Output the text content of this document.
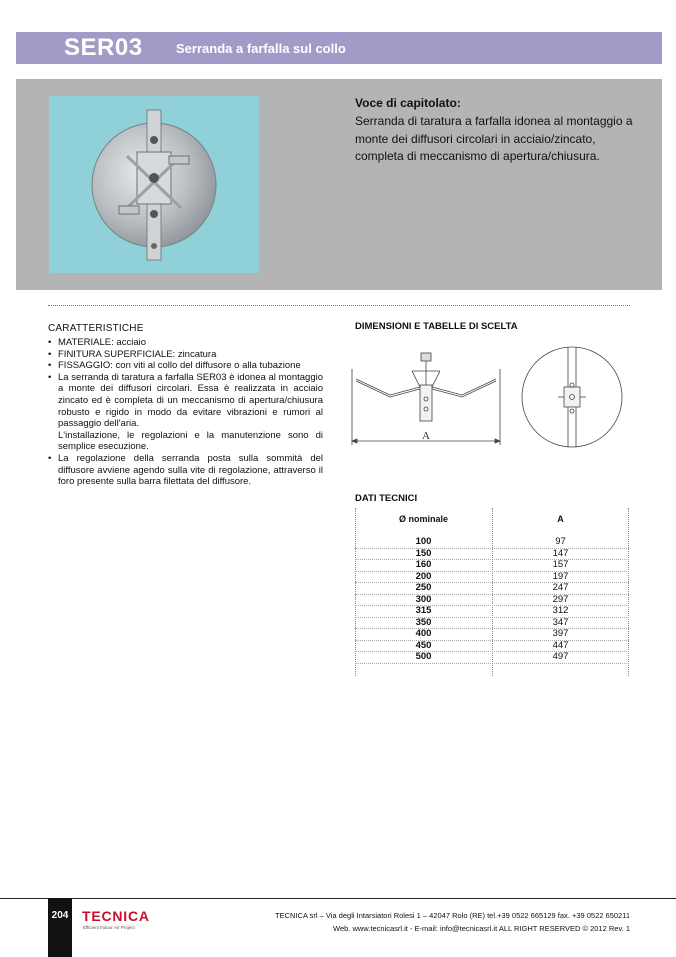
SER03	Serranda a farfalla sul collo
Voce di capitolato:
Serranda di taratura a farfalla idonea al montaggio a monte dei diffusori circolari in acciaio/zincato, completa di meccanismo di apertura/chiusura.
CARATTERISTICHE
• MATERIALE: acciaio
• FINITURA SUPERFICIALE: zincatura
• FISSAGGIO: con viti al collo del diffusore o alla tubazione
• La serranda di taratura a farfalla SER03 è idonea al montaggio a monte dei diffusori circolari. Essa è realizzata in acciaio zincato ed è completa di un meccanismo di apertura/chiusura robusto e rigido in modo da evitare vibrazioni e rumori al passaggio dell'aria.
L'installazione, le regolazioni e la manutenzione sono di semplice esecuzione.
• La regolazione della serranda posta sulla sommità del diffusore avviene agendo sulla vite di regolazione, attraverso il foro presente sulla barra filettata del diffusore.
DIMENSIONI E TABELLE DI SCELTA
A
DATI TECNICI
Ø nominale	A
100	97
150	147
160	157
200	197
250	247
300	297
315	312
350	347
400	397
450	447
500	497
204 TECNICA
Efficient Indoor Air Project
TECNICA srl – Via degli Intarsiatori Rolesi 1 – 42047 Rolo (RE) tel.+39 0522 665129 fax. +39 0522 650211
Web. www.tecnicasrl.it - E-mail: info@tecnicasrl.it ALL RIGHT RESERVED © 2012 Rev. 1
